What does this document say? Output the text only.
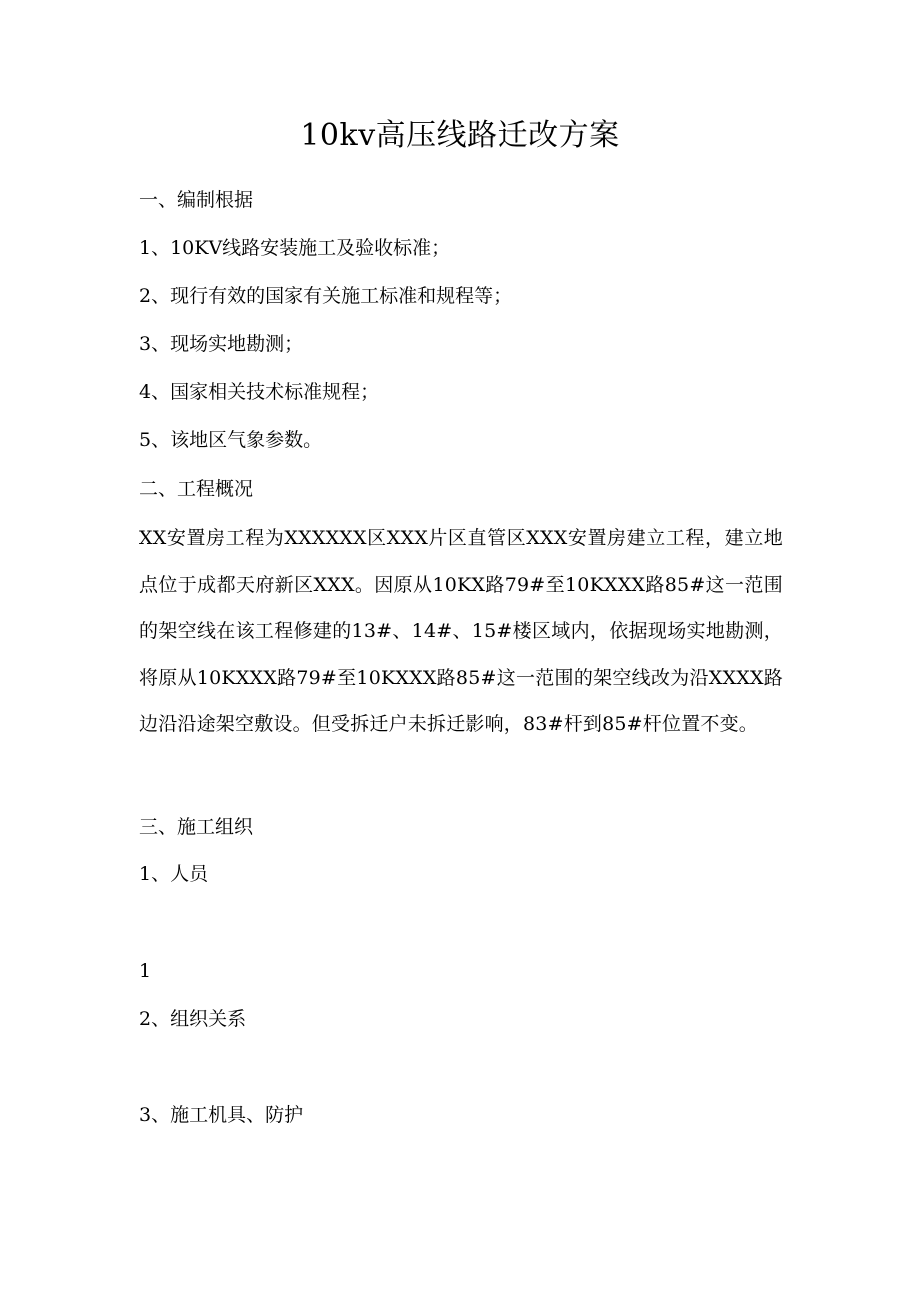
10kv高压线路迁改方案
一、编制根据
1、10KV线路安装施工及验收标准；
2、现行有效的国家有关施工标准和规程等；
3、现场实地勘测；
4、国家相关技术标准规程；
5、该地区气象参数。
二、工程概况
XX安置房工程为XXXXXX区XXX片区直管区XXX安置房建立工程，建立地点位于成都天府新区XXX。因原从10KX路79#至10KXXX路85#这一范围的架空线在该工程修建的13#、14#、15#楼区域内，依据现场实地勘测，将原从10KXXX路79#至10KXXX路85#这一范围的架空线改为沿XXXX路边沿沿途架空敷设。但受拆迁户未拆迁影响，83#杆到85#杆位置不变。
三、施工组织
1、人员
1
2、组织关系
3、施工机具、防护
